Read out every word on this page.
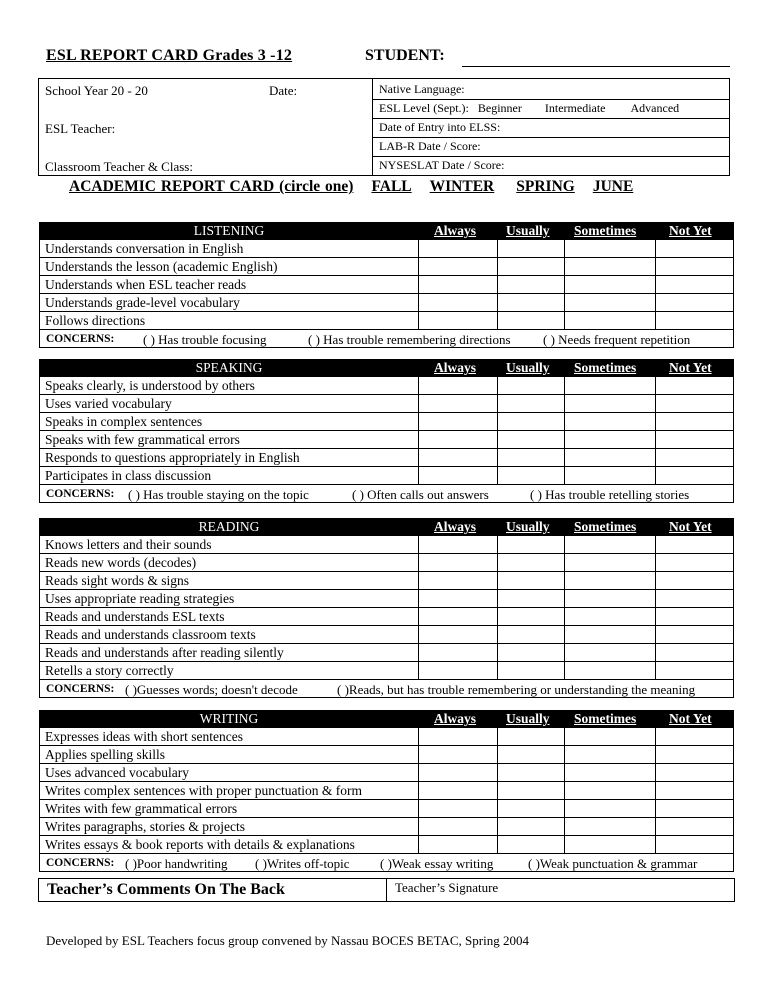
ESL REPORT CARD Grades 3 -12	STUDENT:
School Year 20 - 20	Date:
ESL Teacher:
Classroom Teacher & Class:
Native Language:
ESL Level (Sept.): Beginner Intermediate Advanced
Date of Entry into ELSS:
LAB-R Date / Score:
NYSESLAT Date / Score:
ACADEMIC REPORT CARD (circle one) FALL WINTER SPRING JUNE
LISTENING	Always Usually Sometimes Not Yet
Understands conversation in English
Understands the lesson (academic English)
Understands when ESL teacher reads
Understands grade-level vocabulary
Follows directions
CONCERNS: ( ) Has trouble focusing	( ) Has trouble remembering directions ( ) Needs frequent repetition
SPEAKING	Always Usually Sometimes Not Yet
Speaks clearly, is understood by others
Uses varied vocabulary
Speaks in complex sentences
Speaks with few grammatical errors
Responds to questions appropriately in English
Participates in class discussion
CONCERNS: ( ) Has trouble staying on the topic	( ) Often calls out answers	( ) Has trouble retelling stories
READING	Always Usually Sometimes Not Yet
Knows letters and their sounds
Reads new words (decodes)
Reads sight words & signs
Uses appropriate reading strategies
Reads and understands ESL texts
Reads and understands classroom texts
Reads and understands after reading silently
Retells a story correctly
CONCERNS: ( )Guesses words; doesn't decode	( )Reads, but has trouble remembering or understanding the meaning
WRITING	Always Usually Sometimes Not Yet
Expresses ideas with short sentences
Applies spelling skills
Uses advanced vocabulary
Writes complex sentences with proper punctuation & form
Writes with few grammatical errors
Writes paragraphs, stories & projects
Writes essays & book reports with details & explanations
CONCERNS: ( )Poor handwriting ( )Writes off-topic ( )Weak essay writing	( )Weak punctuation & grammar
Teacher’s Comments On The Back	Teacher’s Signature
Developed by ESL Teachers focus group convened by Nassau BOCES BETAC, Spring 2004
